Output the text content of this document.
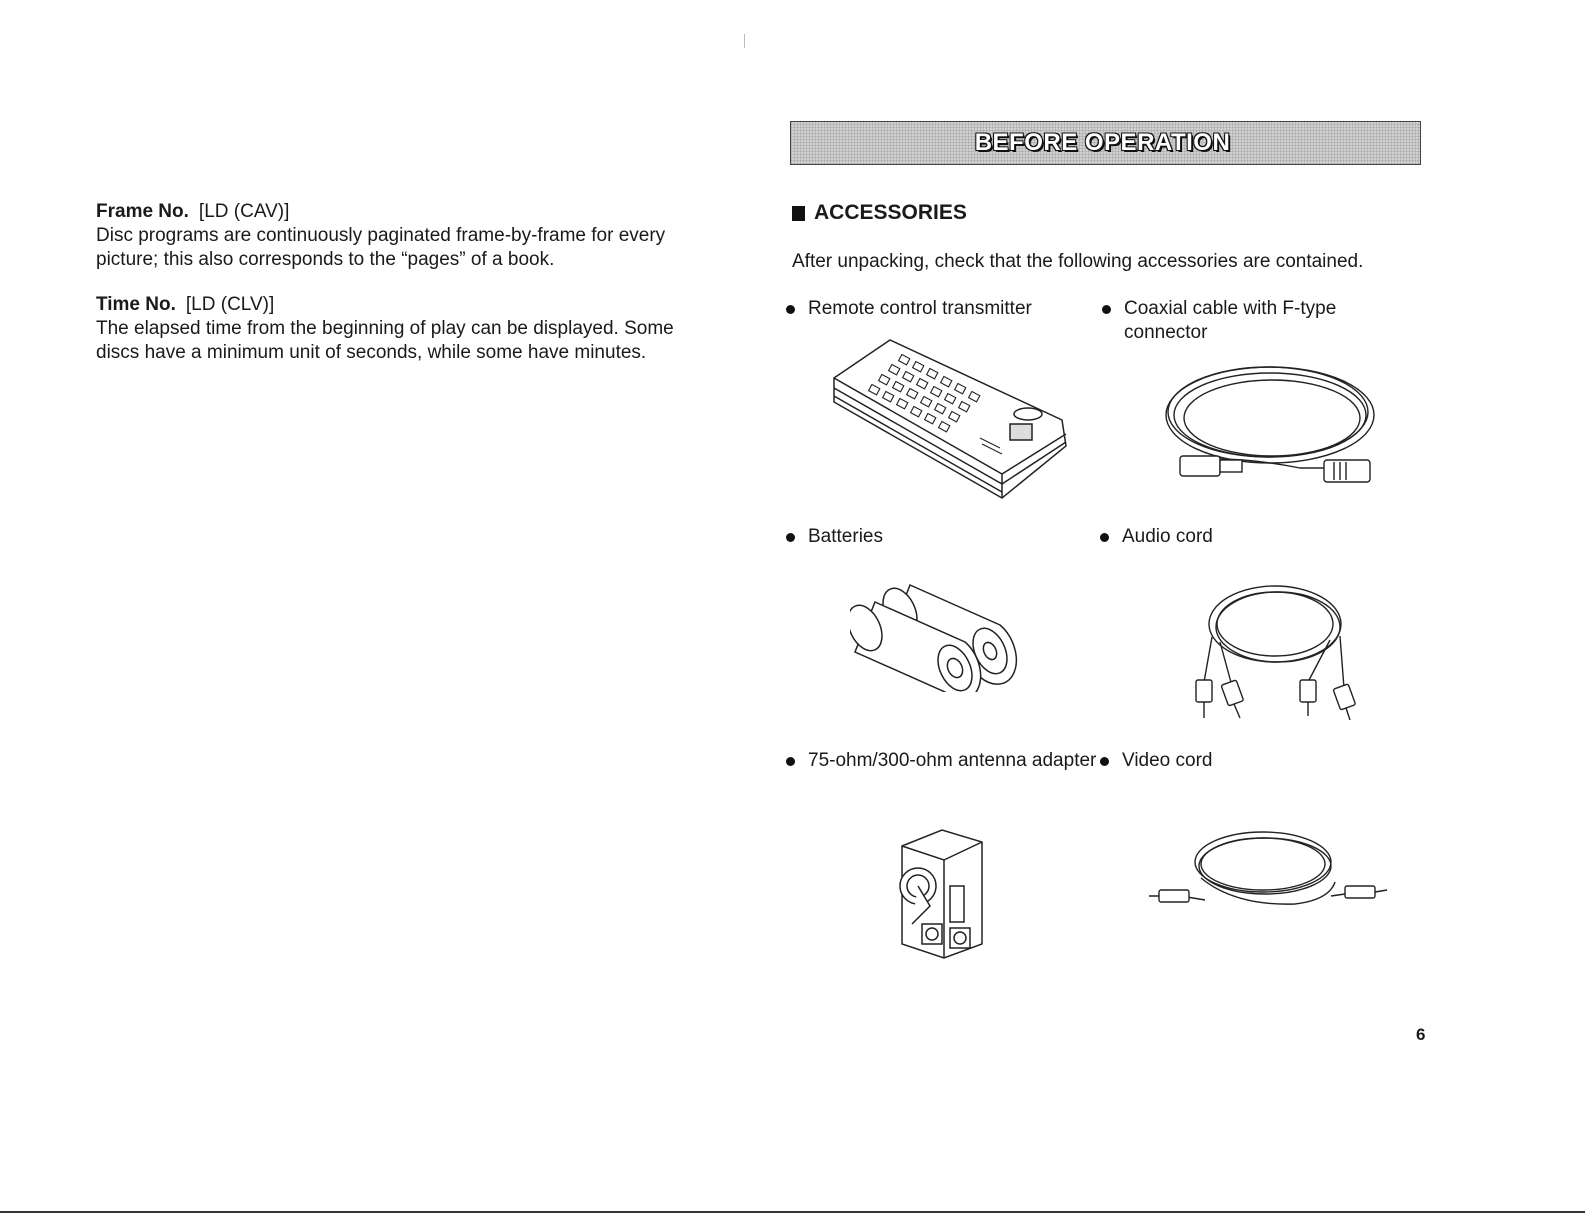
Frame No. [LD (CAV)]

Disc programs are continuously paginated frame-by-frame for every picture; this also corresponds to the “pages” of a book.

Time No. [LD (CLV)]

The elapsed time from the beginning of play can be displayed. Some discs have a minimum unit of seconds, while some have minutes.

BEFORE OPERATION
ACCESSORIES

After unpacking, check that the following accessories are contained.

Remote control transmitter	Coaxial cable with F-type connector
Batteries	Audio cord
75-ohm/300-ohm antenna adapter	Video cord
6
